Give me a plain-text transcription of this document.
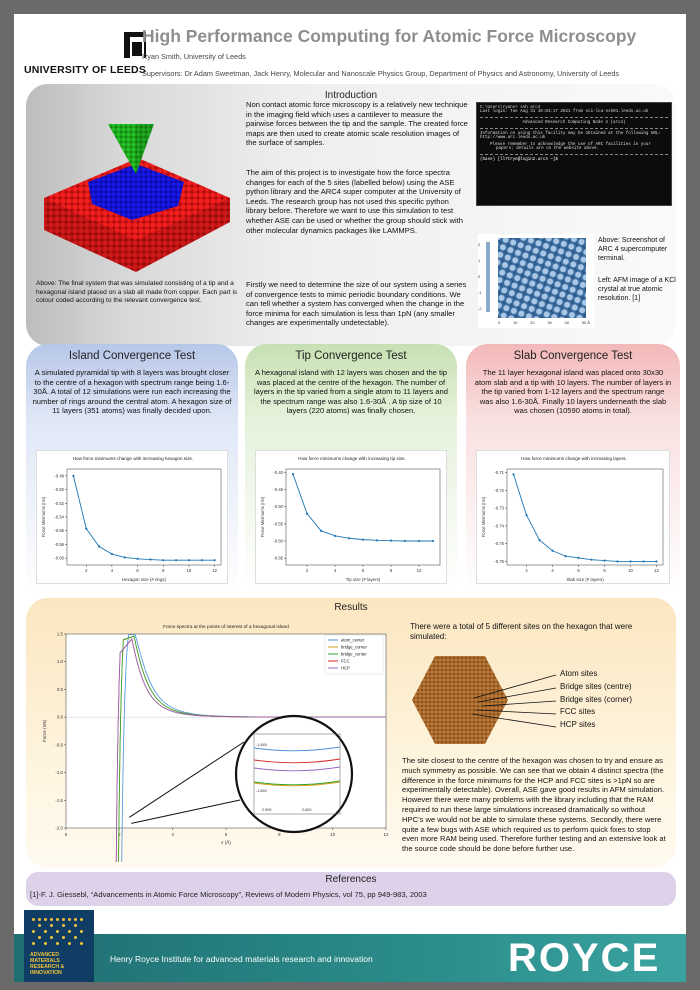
UNIVERSITY OF LEEDS
High Performance Computing for Atomic Force Microscopy
Ryan Smith, University of Leeds
Supervisors: Dr Adam Sweetman, Jack Henry, Molecular and Nanoscale Physics Group, Department of Physics and Astronomy, University of Leeds
Introduction
Above: The final system that was simulated consisting of a tip and a hexagonal island placed on a slab all made from copper. Each part is colour coded according to the relevant convergence test.
Non contact atomic force microscopy is a relatively new technique in the imaging field which uses a cantilever to measure the pairwise forces between the tip and the sample. The created force maps are then used to create atomic scale resolution images of the surface of samples.
The aim of this project is to investigate how the force spectra changes for each of the 5 sites (labelled below) using the ASE python library and the ARC4 super computer at the University of Leeds. The research group has not used this specific python library before. Therefore we want to use this simulation to test whether ASE can be used or whether the group should stick with other molecular dynamics packages like LAMMPS.
Firstly we need to determine the size of our system using a series of convergence tests to mimic periodic boundary conditions. We can tell whether a system has converged when the change in the force minima for each simulation is less than 1pN (any smaller changes are experimentally undetectable).
C:\Users\ryans> ssh arc4
Last login: Tue Aug 31 10:04:17 2021 from sci-lcu-ssh01.leeds.ac.uk
Advanced Research Computing Node 4 (arc4)
Information on using this facility may be obtained at the following URL:
http://www.arc.leeds.ac.uk
Please remember to acknowledge the use of ARC facilities in your
papers; details are on the website above.
(base) [ll7trye@login2.arc4 ~]$
2
1
0
-1
-2
0	10	20	30	40	50 Å
Above: Screenshot of ARC 4 supercomputer terminal.
Left: AFM image of a KCl crystal at true atomic resolution. [1]
Island Convergence Test
A simulated pyramidal tip with 8 layers was brought closer to the centre of a hexagon with spectrum range being 1.6-30Å. A total of 12 simulations were run each increasing the number of rings around the central atom. A hexagon size of 11 layers (351 atoms) was finally decided upon.
How force minimums change with increasing hexagon size.
-0.48
-0.50
-0.52
-0.54
-0.56
-0.58
-0.60
2	4	6	8	10	12
Hexagon size (# rings)
Force Minimums (nN)
Tip Convergence Test
A hexagonal island with 12 layers was chosen and the tip was placed at the centre of the hexagon. The number of layers in the tip varied from a single atom to 11 layers and the spectrum range was also 1.6-30Å . A tip size of 10 layers (220 atoms) was finally chosen.
How force minimums change with increasing tip size.
-0.40
-0.45
-0.50
-0.55
-0.60
-0.65
2	4	6	8	10
Tip size (# layers)
Force Minimums (nN)
Slab Convergence Test
The 11 layer hexagonal island was placed onto 30x30 atom slab and a tip with 10 layers. The number of layers in the tip varied from 1-12 layers and the spectrum range was also 1.6-30Å. Finally 10 layers underneath the slab was chosen (10590 atoms in total).
How force minimums change with increasing layers.
-0.71
-0.72
-0.73
-0.74
-0.75
-0.76
2	4	6	8	10	12
Slab size (# layers)
Force Minimums (nN)
Results
Force spectra at the points of interest of a hexagonal island
1.5
1.0
0.5
0.0
-0.5
-1.0
-1.5
-2.0
0	2	4	6	8	10	12
z (Å)
Force (nN)
atom_center
bridge_corner
bridge_center
FCC
HCP
-1.845
-1.850
2.595	2.600
There were a total of 5 different sites on the hexagon that were simulated:
Atom sites
Bridge sites (centre)
Bridge sites (corner)
FCC sites
HCP sites
The site closest to the centre of the hexagon was chosen to try and ensure as much symmetry as possible. We can see that we obtain 4 distinct spectra (the difference in the force minimums for the HCP and FCC sites is >1pN so are experimentally detectable). Overall, ASE gave good results in AFM simulation. However there were many problems with the library including that the RAM required to run these large simulations increased dramatically so without HPC’s we would not be able to simulate these systems. Secondly, there were quite a few bugs with ASE which required us to perform quick fixes to stop even more RAM being used. Therefore further testing and an extensive look at the source code should be done before further use.
References
[1]-F. J. Giessebl, “Advancements in Atomic Force Microscopy”, Reviews of Modern Physics, vol 75, pp 949-983, 2003
ADVANCED MATERIALS RESEARCH & INNOVATION
Henry Royce Institute for advanced materials research and innovation	ROYCE
